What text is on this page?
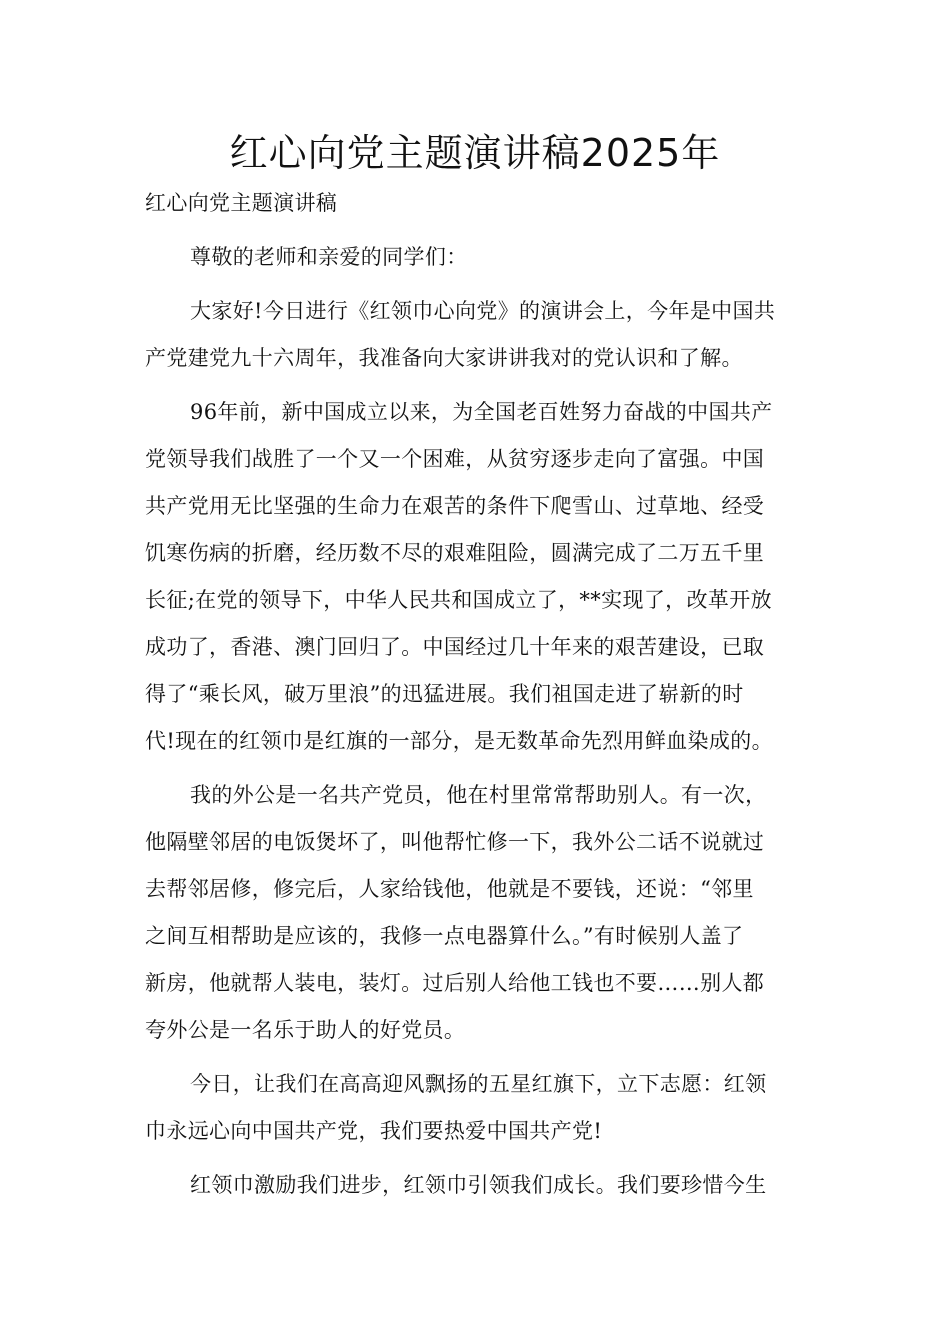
红心向党主题演讲稿2025年
红心向党主题演讲稿
尊敬的老师和亲爱的同学们：
大家好!今日进行《红领巾心向党》的演讲会上，今年是中国共
产党建党九十六周年，我准备向大家讲讲我对的党认识和了解。
96年前，新中国成立以来，为全国老百姓努力奋战的中国共产
党领导我们战胜了一个又一个困难，从贫穷逐步走向了富强。中国
共产党用无比坚强的生命力在艰苦的条件下爬雪山、过草地、经受
饥寒伤病的折磨，经历数不尽的艰难阻险，圆满完成了二万五千里
长征;在党的领导下，中华人民共和国成立了，**实现了，改革开放
成功了，香港、澳门回归了。中国经过几十年来的艰苦建设，已取
得了“乘长风，破万里浪”的迅猛进展。我们祖国走进了崭新的时
代!现在的红领巾是红旗的一部分，是无数革命先烈用鲜血染成的。
我的外公是一名共产党员，他在村里常常帮助别人。有一次，
他隔壁邻居的电饭煲坏了，叫他帮忙修一下，我外公二话不说就过
去帮邻居修，修完后，人家给钱他，他就是不要钱，还说：“邻里
之间互相帮助是应该的，我修一点电器算什么。”有时候别人盖了
新房，他就帮人装电，装灯。过后别人给他工钱也不要……别人都
夸外公是一名乐于助人的好党员。
今日，让我们在高高迎风飘扬的五星红旗下，立下志愿：红领
巾永远心向中国共产党，我们要热爱中国共产党!
红领巾激励我们进步，红领巾引领我们成长。我们要珍惜今生
